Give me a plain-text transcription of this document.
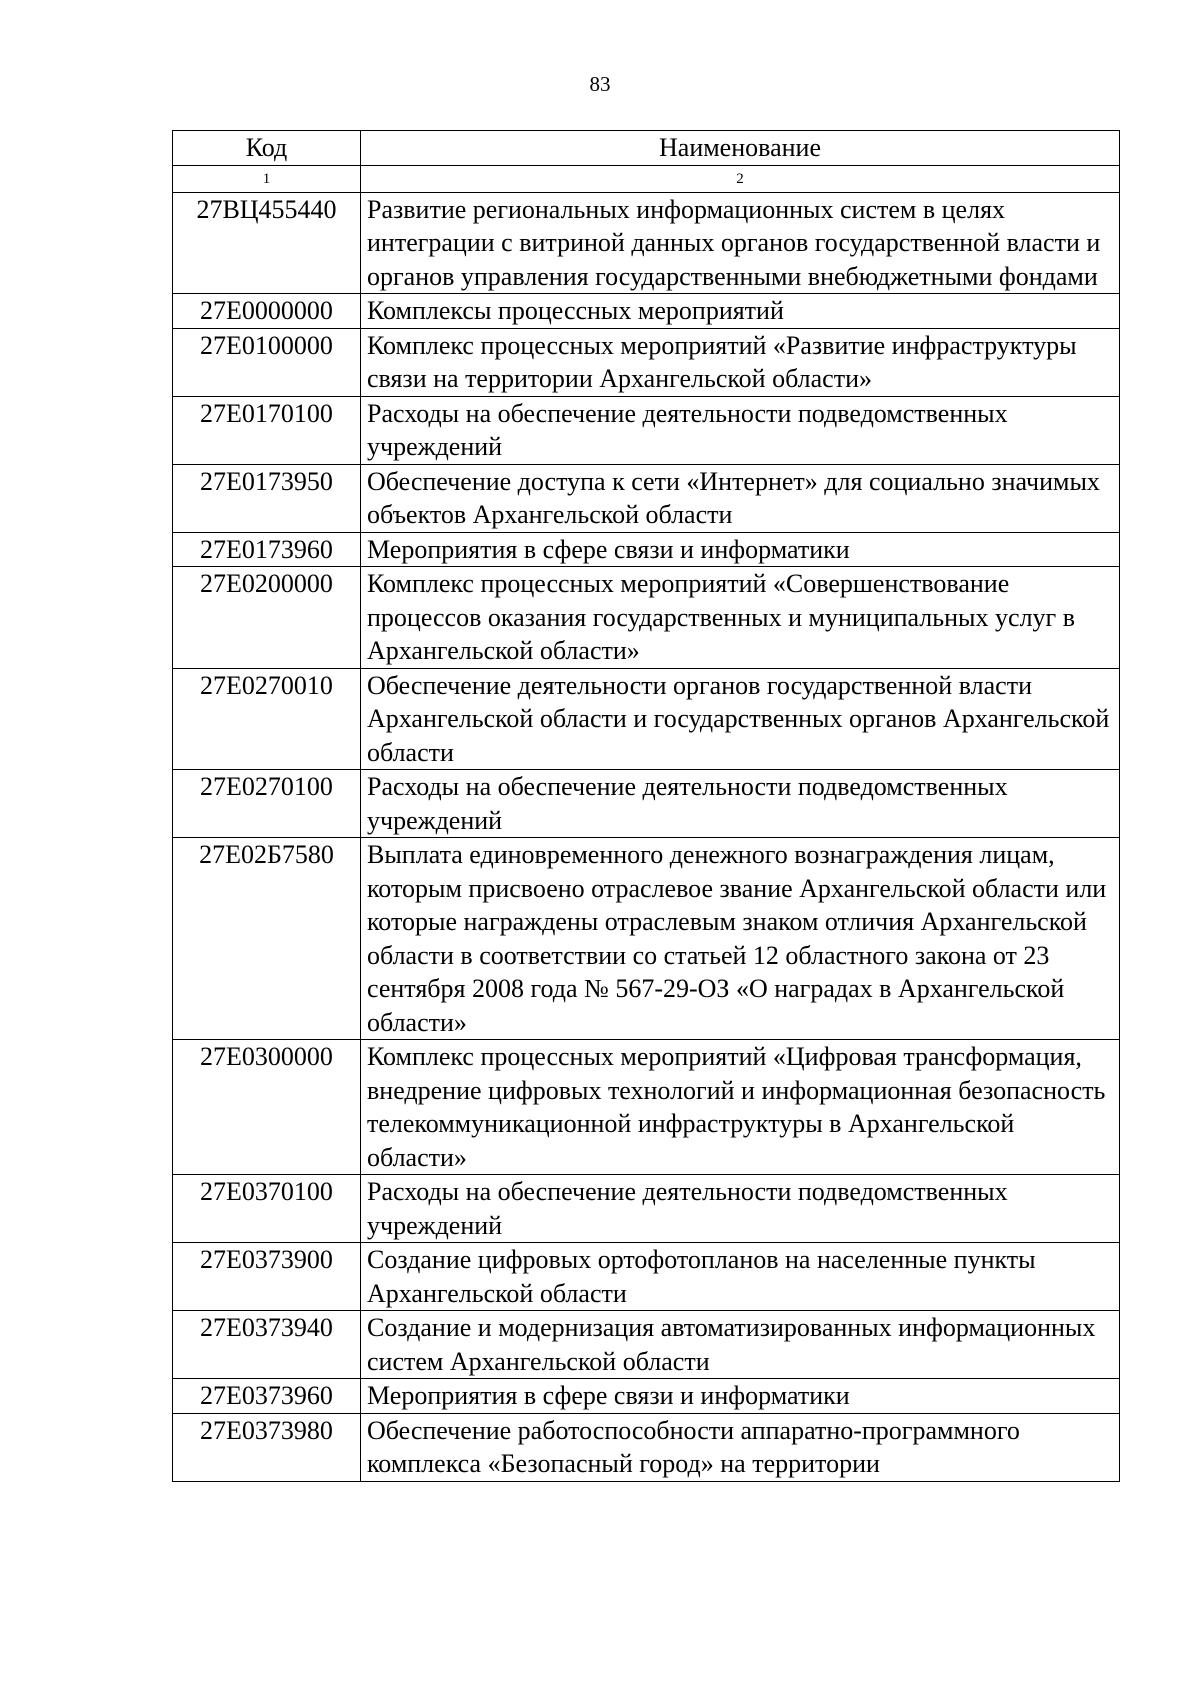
83
Код	Наименование
1	2
27ВЦ455440	Развитие региональных информационных систем в целях интеграции с витриной данных органов государственной власти и органов управления государственными внебюджетными фондами
27Е0000000	Комплексы процессных мероприятий
27Е0100000	Комплекс процессных мероприятий «Развитие инфраструктуры связи на территории Архангельской области»
27Е0170100	Расходы на обеспечение деятельности подведомственных учреждений
27Е0173950	Обеспечение доступа к сети «Интернет» для социально значимых объектов Архангельской области
27Е0173960	Мероприятия в сфере связи и информатики
27Е0200000	Комплекс процессных мероприятий «Совершенствование процессов оказания государственных и муниципальных услуг в Архангельской области»
27Е0270010	Обеспечение деятельности органов государственной власти Архангельской области и государственных органов Архангельской области
27Е0270100	Расходы на обеспечение деятельности подведомственных учреждений
27Е02Б7580	Выплата единовременного денежного вознаграждения лицам, которым присвоено отраслевое звание Архангельской области или которые награждены отраслевым знаком отличия Архангельской области в соответствии со статьей 12 областного закона от 23 сентября 2008 года № 567-29-ОЗ «О наградах в Архангельской области»
27Е0300000	Комплекс процессных мероприятий «Цифровая трансформация, внедрение цифровых технологий и информационная безопасность телекоммуникационной инфраструктуры в Архангельской области»
27Е0370100	Расходы на обеспечение деятельности подведомственных учреждений
27Е0373900	Создание цифровых ортофотопланов на населенные пункты Архангельской области
27Е0373940	Создание и модернизация автоматизированных информационных систем Архангельской области
27Е0373960	Мероприятия в сфере связи и информатики
27Е0373980	Обеспечение работоспособности аппаратно-программного комплекса «Безопасный город» на территории
